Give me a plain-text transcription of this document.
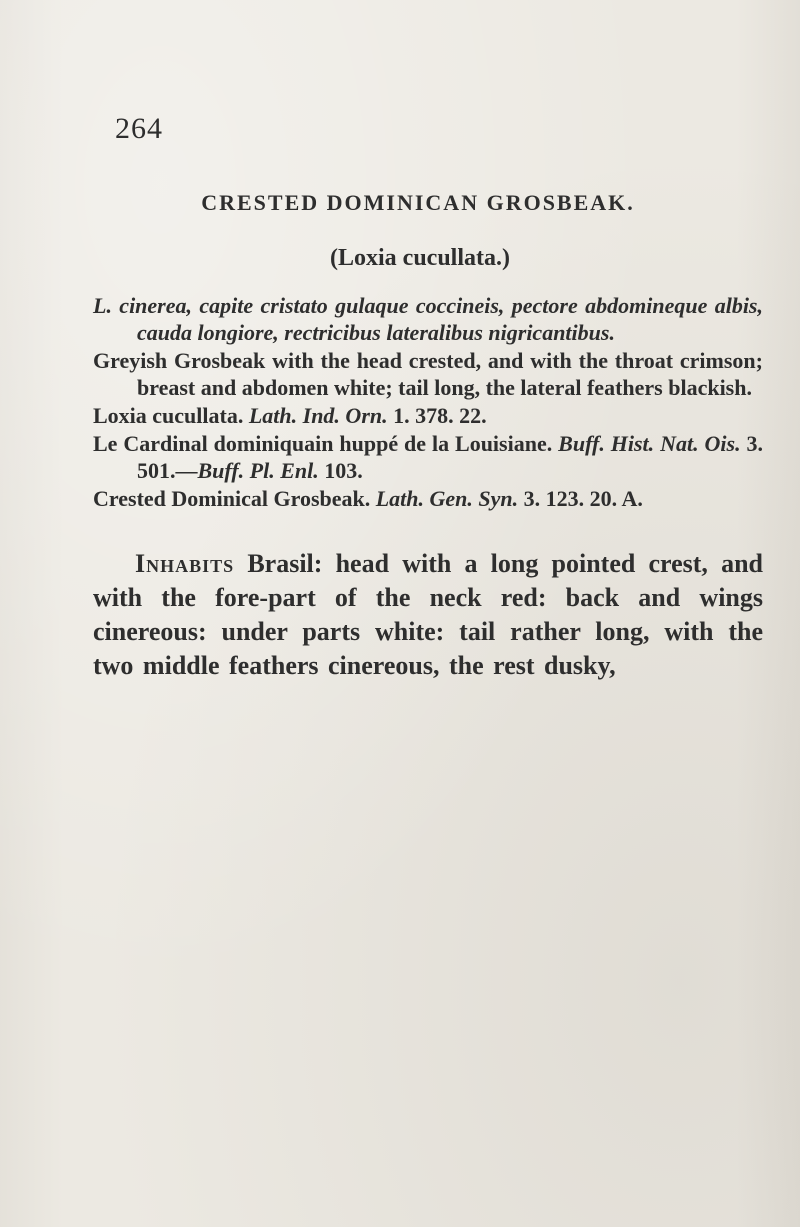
264
CRESTED DOMINICAN GROSBEAK.
(Loxia cucullata.)

L. cinerea, capite cristato gulaque coccineis, pectore abdomineque albis, cauda longiore, rectricibus lateralibus nigricantibus.

Greyish Grosbeak with the head crested, and with the throat crimson; breast and abdomen white; tail long, the lateral feathers blackish.

Loxia cucullata. Lath. Ind. Orn. 1. 378. 22.

Le Cardinal dominiquain huppé de la Louisiane. Buff. Hist. Nat. Ois. 3. 501.—Buff. Pl. Enl. 103.

Crested Dominical Grosbeak. Lath. Gen. Syn. 3. 123. 20. A.

Inhabits Brasil: head with a long pointed crest, and with the fore-part of the neck red: back and wings cinereous: under parts white: tail rather long, with the two middle feathers cinereous, the rest dusky,
